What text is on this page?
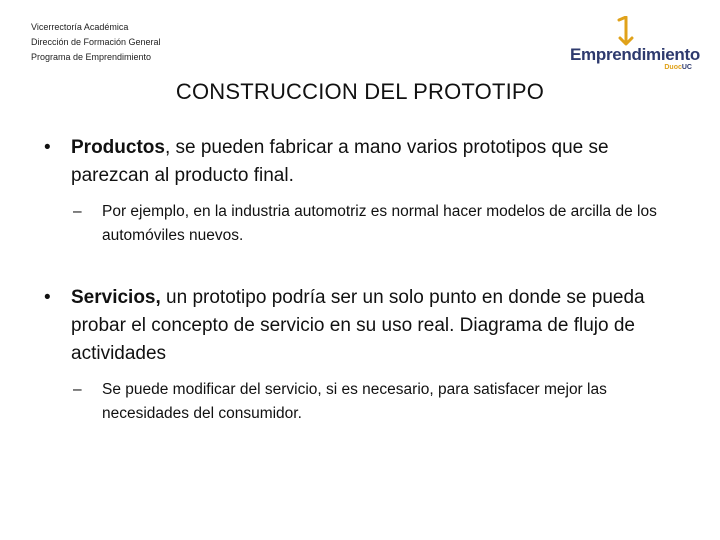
Vicerrectoría Académica
Dirección de Formación General
Programa de Emprendimiento	Emprendimiento
DuocUC
CONSTRUCCION DEL PROTOTIPO
• Productos, se pueden fabricar a mano varios prototipos que se parezcan al producto final.
– Por ejemplo, en la industria automotriz es normal hacer modelos de arcilla de los automóviles nuevos.
• Servicios, un prototipo podría ser un solo punto en donde se pueda probar el concepto de servicio en su uso real. Diagrama de flujo de actividades
– Se puede modificar del servicio, si es necesario, para satisfacer mejor las necesidades del consumidor.
